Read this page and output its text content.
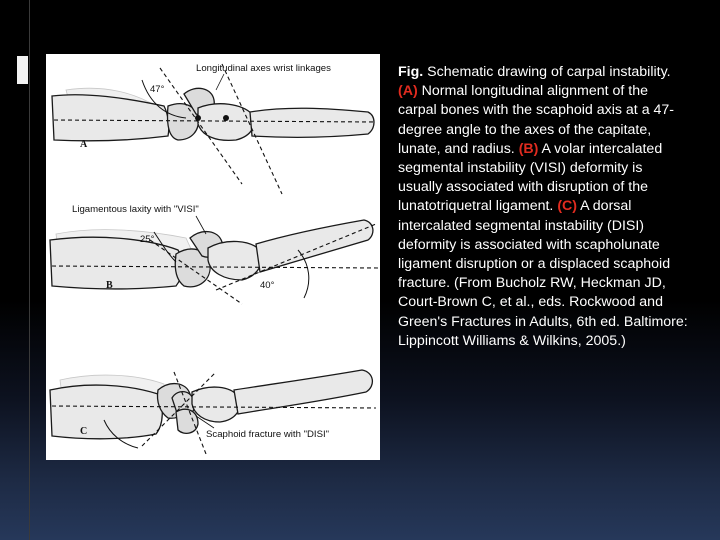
47°
Longitudinal axes wrist linkages
A
25°
40°
Ligamentous laxity with "VISI"
B
Scaphoid fracture with "DISI"
C
Fig. Schematic drawing of carpal instability. (A) Normal longitudinal alignment of the carpal bones with the scaphoid axis at a 47-degree angle to the axes of the capitate, lunate, and radius. (B) A volar intercalated segmental instability (VISI) deformity is usually associated with disruption of the lunatotriquetral ligament. (C) A dorsal intercalated segmental instability (DISI) deformity is associated with scapholunate ligament disruption or a displaced scaphoid fracture. (From Bucholz RW, Heckman JD, Court-Brown C, et al., eds. Rockwood and Green's Fractures in Adults, 6th ed. Baltimore: Lippincott Williams & Wilkins, 2005.)
